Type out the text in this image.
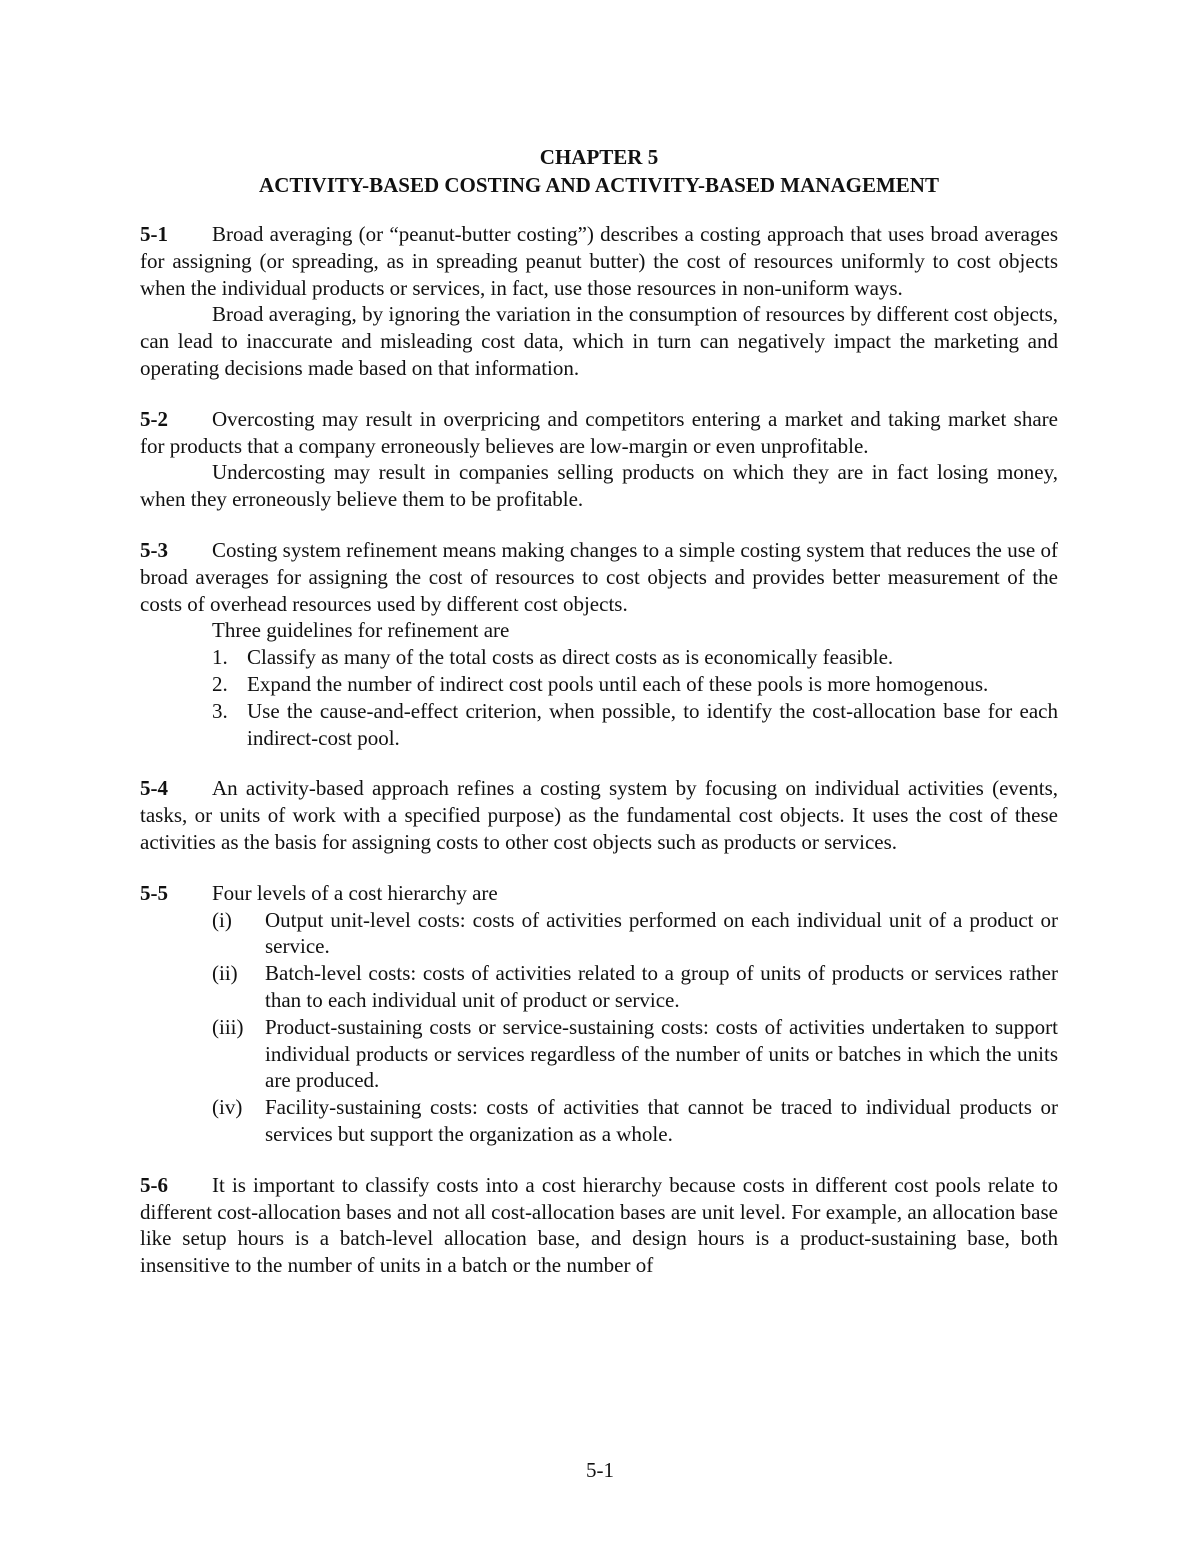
CHAPTER 5
ACTIVITY-BASED COSTING AND ACTIVITY-BASED MANAGEMENT

5-1 Broad averaging (or “peanut-butter costing”) describes a costing approach that uses broad averages for assigning (or spreading, as in spreading peanut butter) the cost of resources uniformly to cost objects when the individual products or services, in fact, use those resources in non-uniform ways.

Broad averaging, by ignoring the variation in the consumption of resources by different cost objects, can lead to inaccurate and misleading cost data, which in turn can negatively impact the marketing and operating decisions made based on that information.

5-2 Overcosting may result in overpricing and competitors entering a market and taking market share for products that a company erroneously believes are low-margin or even unprofitable.

Undercosting may result in companies selling products on which they are in fact losing money, when they erroneously believe them to be profitable.

5-3 Costing system refinement means making changes to a simple costing system that reduces the use of broad averages for assigning the cost of resources to cost objects and provides better measurement of the costs of overhead resources used by different cost objects.

Three guidelines for refinement are

1. Classify as many of the total costs as direct costs as is economically feasible.
2. Expand the number of indirect cost pools until each of these pools is more homogenous.
3. Use the cause-and-effect criterion, when possible, to identify the cost-allocation base for each indirect-cost pool.

5-4 An activity-based approach refines a costing system by focusing on individual activities (events, tasks, or units of work with a specified purpose) as the fundamental cost objects. It uses the cost of these activities as the basis for assigning costs to other cost objects such as products or services.

5-5 Four levels of a cost hierarchy are

(i) Output unit-level costs: costs of activities performed on each individual unit of a product or service.
(ii) Batch-level costs: costs of activities related to a group of units of products or services rather than to each individual unit of product or service.
(iii) Product-sustaining costs or service-sustaining costs: costs of activities undertaken to support individual products or services regardless of the number of units or batches in which the units are produced.
(iv) Facility-sustaining costs: costs of activities that cannot be traced to individual products or services but support the organization as a whole.

5-6 It is important to classify costs into a cost hierarchy because costs in different cost pools relate to different cost-allocation bases and not all cost-allocation bases are unit level. For example, an allocation base like setup hours is a batch-level allocation base, and design hours is a product-sustaining base, both insensitive to the number of units in a batch or the number of

5-1
